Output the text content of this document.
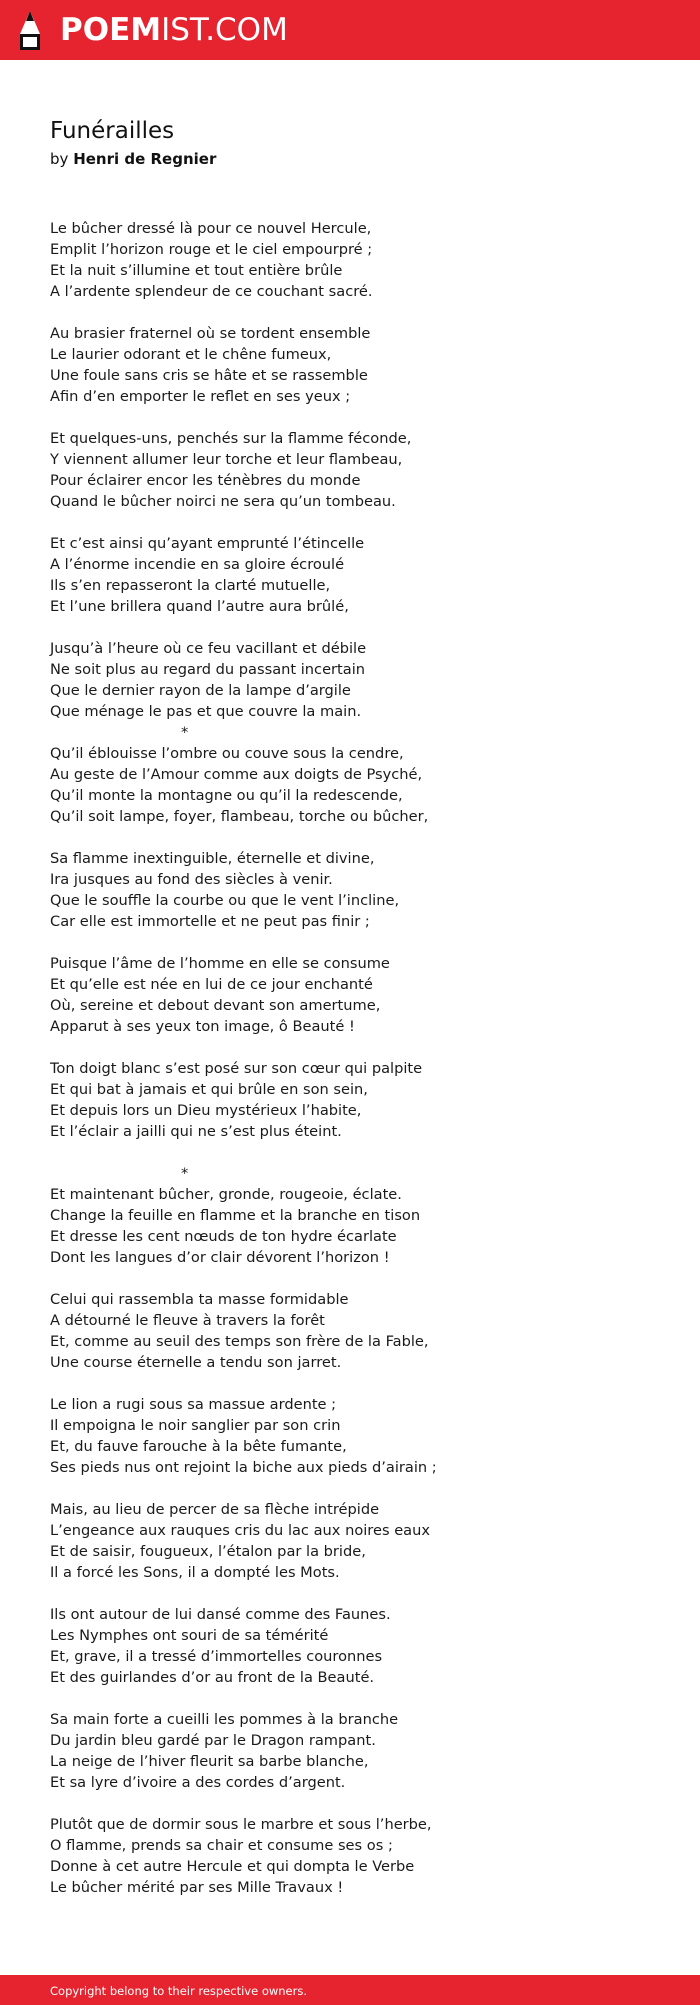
POEMIST.COM
Funérailles
by Henri de Regnier
Le bûcher dressé là pour ce nouvel Hercule,
Emplit l’horizon rouge et le ciel empourpré ;
Et la nuit s’illumine et tout entière brûle
A l’ardente splendeur de ce couchant sacré.
Au brasier fraternel où se tordent ensemble
Le laurier odorant et le chêne fumeux,
Une foule sans cris se hâte et se rassemble
Afin d’en emporter le reflet en ses yeux ;
Et quelques-uns, penchés sur la flamme féconde,
Y viennent allumer leur torche et leur flambeau,
Pour éclairer encor les ténèbres du monde
Quand le bûcher noirci ne sera qu’un tombeau.
Et c’est ainsi qu’ayant emprunté l’étincelle
A l’énorme incendie en sa gloire écroulé
Ils s’en repasseront la clarté mutuelle,
Et l’une brillera quand l’autre aura brûlé,
Jusqu’à l’heure où ce feu vacillant et débile
Ne soit plus au regard du passant incertain
Que le dernier rayon de la lampe d’argile
Que ménage le pas et que couvre la main.
*
Qu’il éblouisse l’ombre ou couve sous la cendre,
Au geste de l’Amour comme aux doigts de Psyché,
Qu’il monte la montagne ou qu’il la redescende,
Qu’il soit lampe, foyer, flambeau, torche ou bûcher,
Sa flamme inextinguible, éternelle et divine,
Ira jusques au fond des siècles à venir.
Que le souffle la courbe ou que le vent l’incline,
Car elle est immortelle et ne peut pas finir ;
Puisque l’âme de l’homme en elle se consume
Et qu’elle est née en lui de ce jour enchanté
Où, sereine et debout devant son amertume,
Apparut à ses yeux ton image, ô Beauté !
Ton doigt blanc s’est posé sur son cœur qui palpite
Et qui bat à jamais et qui brûle en son sein,
Et depuis lors un Dieu mystérieux l’habite,
Et l’éclair a jailli qui ne s’est plus éteint.
*
Et maintenant bûcher, gronde, rougeoie, éclate.
Change la feuille en flamme et la branche en tison
Et dresse les cent nœuds de ton hydre écarlate
Dont les langues d’or clair dévorent l’horizon !
Celui qui rassembla ta masse formidable
A détourné le fleuve à travers la forêt
Et, comme au seuil des temps son frère de la Fable,
Une course éternelle a tendu son jarret.
Le lion a rugi sous sa massue ardente ;
Il empoigna le noir sanglier par son crin
Et, du fauve farouche à la bête fumante,
Ses pieds nus ont rejoint la biche aux pieds d’airain ;
Mais, au lieu de percer de sa flèche intrépide
L’engeance aux rauques cris du lac aux noires eaux
Et de saisir, fougueux, l’étalon par la bride,
Il a forcé les Sons, il a dompté les Mots.
Ils ont autour de lui dansé comme des Faunes.
Les Nymphes ont souri de sa témérité
Et, grave, il a tressé d’immortelles couronnes
Et des guirlandes d’or au front de la Beauté.
Sa main forte a cueilli les pommes à la branche
Du jardin bleu gardé par le Dragon rampant.
La neige de l’hiver fleurit sa barbe blanche,
Et sa lyre d’ivoire a des cordes d’argent.
Plutôt que de dormir sous le marbre et sous l’herbe,
O flamme, prends sa chair et consume ses os ;
Donne à cet autre Hercule et qui dompta le Verbe
Le bûcher mérité par ses Mille Travaux !
Copyright belong to their respective owners.
